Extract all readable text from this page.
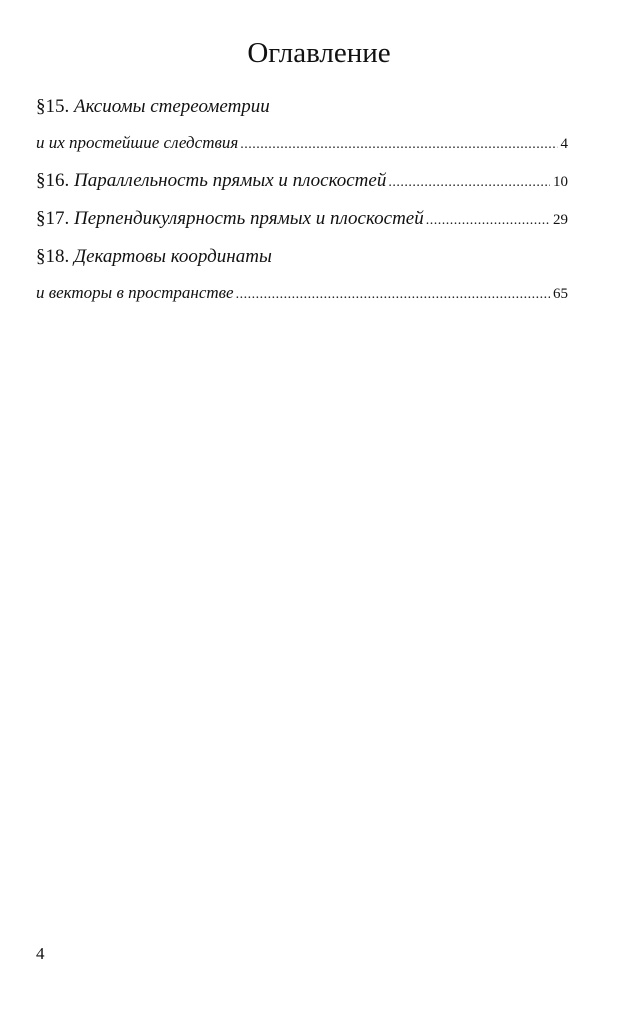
Оглавление
§15.
Аксиомы стереометрии
и их простейшие следствия .....	4
§16.
Параллельность прямых и плоскостей .....	10
§17.
Перпендикулярность прямых и плоскостей .....	29
§18.
Декартовы координаты
и векторы в пространстве .....	65
4
